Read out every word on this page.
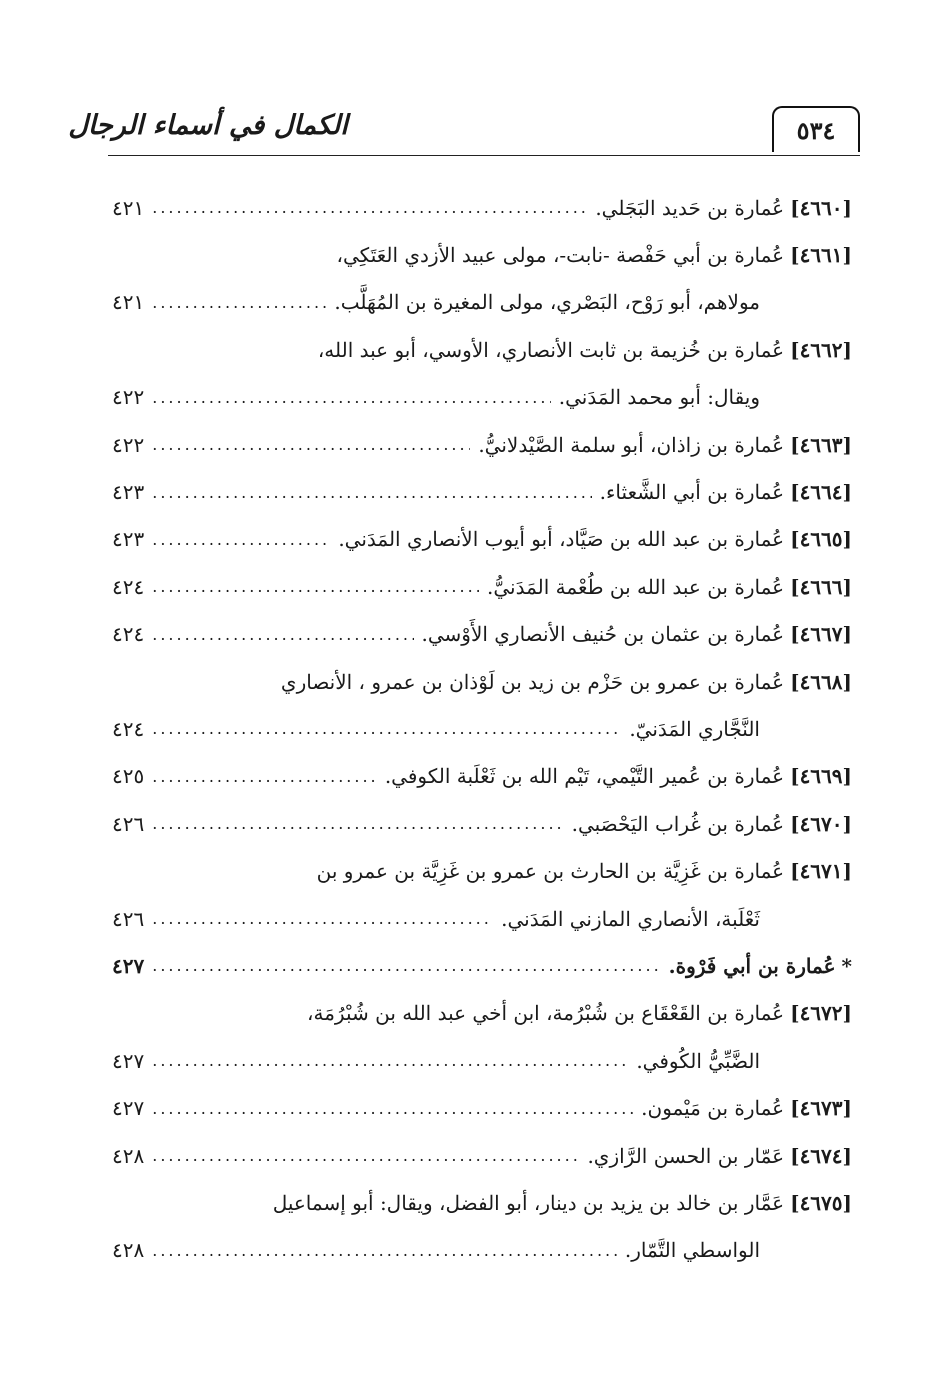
الكمال في أسماء الرجال	٥٣٤
[٤٦٦٠]
عُمارة بن حَديد البَجَلي.
.....
٤٢١
[٤٦٦١]
عُمارة بن أبي حَفْصة -نابت-، مولى عبيد الأزدي العَتَكِي،
مولاهم، أبو رَوْح، البَصْري، مولى المغيرة بن المُهَلَّب.
.....
٤٢١
[٤٦٦٢]
عُمارة بن خُزيمة بن ثابت الأنصاري، الأوسي، أبو عبد الله،
ويقال: أبو محمد المَدَني.
.....
٤٢٢
[٤٦٦٣]
عُمارة بن زاذان، أبو سلمة الصَّيْدلانيُّ.
.....
٤٢٢
[٤٦٦٤]
عُمارة بن أبي الشَّعثاء.
.....
٤٢٣
[٤٦٦٥]
عُمارة بن عبد الله بن صَيَّاد، أبو أيوب الأنصاري المَدَني.
.....
٤٢٣
[٤٦٦٦]
عُمارة بن عبد الله بن طُعْمة المَدَنيُّ.
.....
٤٢٤
[٤٦٦٧]
عُمارة بن عثمان بن حُنيف الأنصاري الأَوْسي.
.....
٤٢٤
[٤٦٦٨]
عُمارة بن عمرو بن حَزْم بن زيد بن لَوْذان بن عمرو ، الأنصاري
النَّجَّاري المَدَنيّ.
.....
٤٢٤
[٤٦٦٩]
عُمارة بن عُمير التَّيْمي، تَيْم الله بن ثَعْلَبة الكوفي.
.....
٤٢٥
[٤٦٧٠]
عُمارة بن غُراب اليَحْصَبي.
.....
٤٢٦
[٤٦٧١]
عُمارة بن غَزِيَّة بن الحارث بن عمرو بن غَزِيَّة بن عمرو بن
ثَعْلَبة، الأنصاري المازني المَدَني.
.....
٤٢٦
*
عُمارة بن أبي فَرْوة.
.....
٤٢٧
[٤٦٧٢]
عُمارة بن القَعْقَاع بن شُبْرُمة، ابن أخي عبد الله بن شُبْرُمَة،
الضَّبِّيُّ الكُوفي.
.....
٤٢٧
[٤٦٧٣]
عُمارة بن مَيْمون.
.....
٤٢٧
[٤٦٧٤]
عَمّار بن الحسن الرَّازي.
.....
٤٢٨
[٤٦٧٥]
عَمَّار بن خالد بن يزيد بن دينار، أبو الفضل، ويقال: أبو إسماعيل
الواسطي التَّمّار.
.....
٤٢٨
